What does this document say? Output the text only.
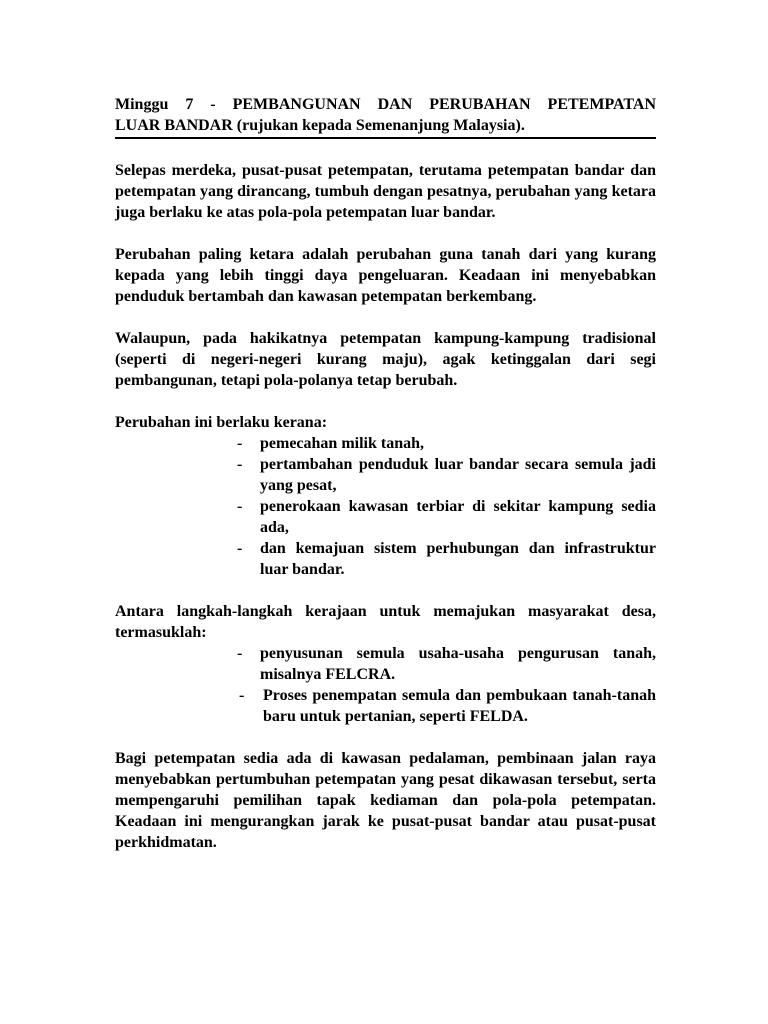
Minggu 7 - PEMBANGUNAN DAN PERUBAHAN PETEMPATAN
LUAR BANDAR (rujukan kepada Semenanjung Malaysia).

Selepas merdeka, pusat-pusat petempatan, terutama petempatan bandar dan petempatan yang dirancang, tumbuh dengan pesatnya, perubahan yang ketara juga berlaku ke atas pola-pola petempatan luar bandar.

Perubahan paling ketara adalah perubahan guna tanah dari yang kurang kepada yang lebih tinggi daya pengeluaran. Keadaan ini menyebabkan penduduk bertambah dan kawasan petempatan berkembang.

Walaupun, pada hakikatnya petempatan kampung-kampung tradisional (seperti di negeri-negeri kurang maju), agak ketinggalan dari segi pembangunan, tetapi pola-polanya tetap berubah.

Perubahan ini berlaku kerana:

- pemecahan milik tanah,
- pertambahan penduduk luar bandar secara semula jadi yang pesat,
- penerokaan kawasan terbiar di sekitar kampung sedia ada,
- dan kemajuan sistem perhubungan dan infrastruktur luar bandar.

Antara langkah-langkah kerajaan untuk memajukan masyarakat desa, termasuklah:

- penyusunan semula usaha-usaha pengurusan tanah, misalnya FELCRA.
- Proses penempatan semula dan pembukaan tanah-tanah baru untuk pertanian, seperti FELDA.

Bagi petempatan sedia ada di kawasan pedalaman, pembinaan jalan raya menyebabkan pertumbuhan petempatan yang pesat dikawasan tersebut, serta mempengaruhi pemilihan tapak kediaman dan pola-pola petempatan. Keadaan ini mengurangkan jarak ke pusat-pusat bandar atau pusat-pusat perkhidmatan.
